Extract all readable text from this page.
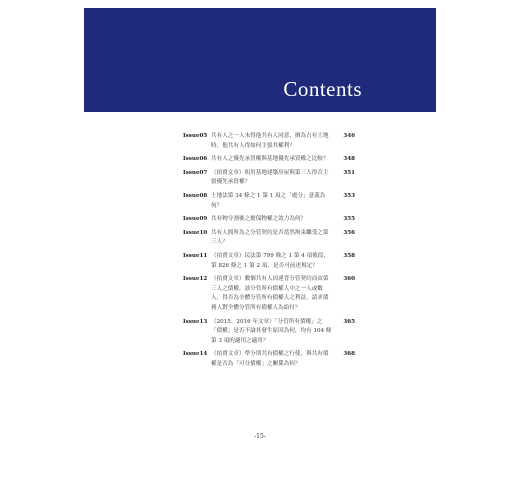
Contents
Issue05 共有人之一人未得他共有人同意，擅為占有土地時，他共有人得如何主張其權利？
346
Issue06 共有人之優先承買權與基地優先承買權之比較？	348
Issue07 （拍賣文章）租用基地建築房屋與第三人得否主張優先承買權？
351
Issue08 土地法第 34 條之 1 第 1 項之「處分」意義為何？
353
Issue09 共有物分割後之擔保物權之效力為何？	355
Issue10 共有人間所為之分管契約是否當然拘束繼受之第三人？
356
Issue11 （拍賣文章）民法第 799 條之 1 第 4 項後段，第 826 條之 1 第 2 項，是否可前述規定？
358
Issue12 （拍賣文章）數個共有人因違背分管契約而由第三人之債權，該分管所有債權人中之一人或數人，得否為全體分管所有債權人之利益，請求債務人對全體分管所有債權人為給付？
360
Issue13 （2015、2016 年文章）「分管所有債權」之「債權」是否不論其發生原因為何，均有 104 條第 3 項的適用之適用？
365
Issue14 （拍賣文章）準分別共有債權之行使，與共有債權是否為「可分債權」之關係為何？
368
-15-
